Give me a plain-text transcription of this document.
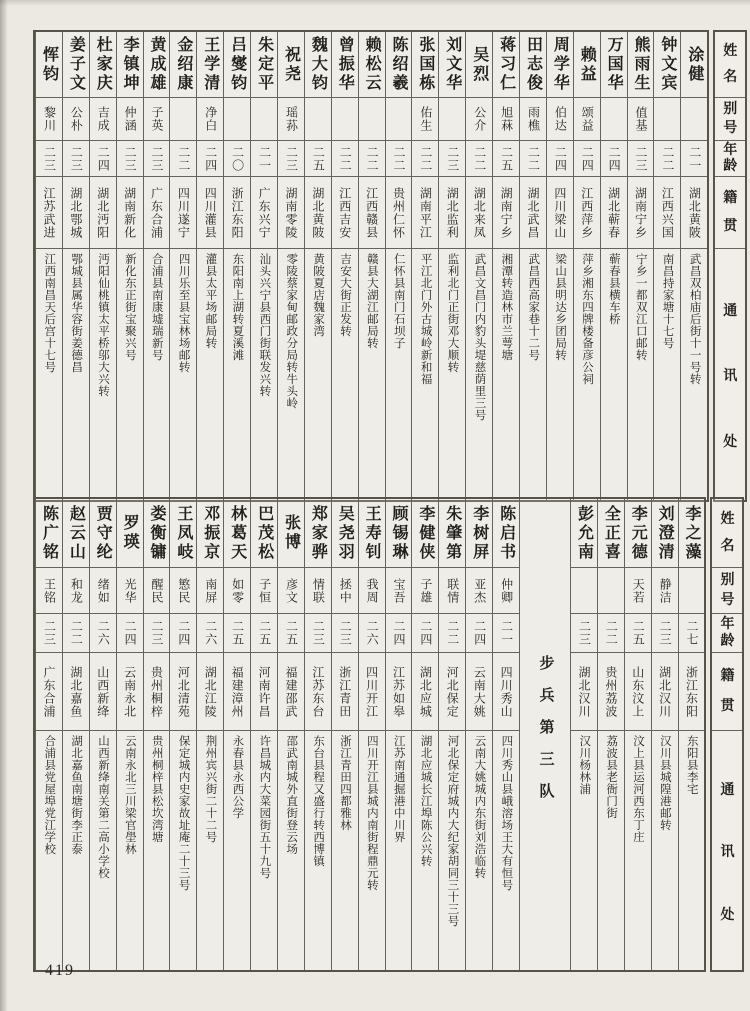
姓
名
别
号
年
龄
籍
贯
通
讯
处
涂健
二一
湖北黄陂
武昌双柏庙后街十一号转
钟文宾
二二
江西兴国
南昌持家塘十七号
熊雨生
值基
二三
湖南宁乡
宁乡一都双江口邮转
万国华
二四
湖北蕲春
蕲春县横车桥
赖益
颂益
二四
江西萍乡
萍乡湘东四牌楼备彦公祠
周学华
伯达
二四
四川梁山
梁山县明达乡团局转
田志俊
雨樵
二二
湖北武昌
武昌西高家巷十二号
蒋习仁
旭菻
二五
湖南宁乡
湘潭转造林市兰萼塘
吴烈
公介
二二
湖北来凤
武昌文昌门内豹头堤慈荫里三号
刘文华
二三
湖北监利
监利北门正街邓大顺转
张国栋
佑生
二二
湖南平江
平江北门外古城岭新和福
陈绍羲
二二
贵州仁怀
仁怀县南门石坝子
赖松云
二二
江西赣县
赣县大湖江邮局转
曾振华
二二
江西吉安
吉安大街正发转
魏大钧
二五
湖北黄陂
黄陂夏店魏家湾
祝尧
瑶荪
二三
湖南零陵
零陵蔡家甸邮政分局转牛头岭
朱定平
二一
广东兴宁
汕头兴宁县西门街联发兴转
吕燮钧
二〇
浙江东阳
东阳南上湖转夏溪滩
王学清
净白
二四
四川灌县
灌县太平场邮局转
金绍康
二二
四川遂宁
四川乐至县宝林场邮转
黄成雄
子英
二三
广东合浦
合浦县南康墟瑞新号
李镇坤
仲涵
二三
湖南新化
新化东正街宝聚兴号
杜家庆
吉成
二四
湖北沔阳
沔阳仙桃镇太平桥邬大兴转
姜子文
公朴
二三
湖北鄂城
鄂城县属华容街姜德昌
恽钧
黎川
二三
江苏武进
江西南昌天后宫十七号
姓
名
别
号
年
龄
籍
贯
通
讯
处
李之藻
二七
浙江东阳
东阳县李宅
刘澄清
静洁
二三
湖北汉川
汉川县城隍港邮转
李元德
天若
二五
山东汶上
汶上县运河西东丁庄
全正喜
二二
贵州荔波
荔波县老衙门街
彭允南
二三
湖北汉川
汉川杨林浦
步兵第三队
陈启书
仲卿
二一
四川秀山
四川秀山县峨溶场王大有恒号
李树屏
亚杰
二四
云南大姚
云南大姚城内东街刘浩临转
朱肇第
联情
二二
河北保定
河北保定府城内大纪家胡同三十三号
李健侠
子雄
二四
湖北应城
湖北应城长江埠陈公兴转
顾锡琳
宝吾
二四
江苏如皋
江苏南通掘港中川界
王寿钊
我周
二六
四川开江
四川开江县城内南街程鼎元转
吴尧羽
拯中
二三
浙江青田
浙江青田四都雅林
郑家骅
情联
二三
江苏东台
东台县程又盛行转西博镇
张博
彦文
二五
福建邵武
邵武南城外直街登云场
巴茂松
子恒
二五
河南许昌
许昌城内大菜园街五十九号
林葛天
如零
二五
福建漳州
永春县永西公学
邓振京
南屏
二六
湖北江陵
荆州宾兴街二十二号
王凤岐
慜民
二四
河北清苑
保定城内史家故址庵二十三号
娄衡镛
醒民
二三
贵州桐梓
贵州桐梓县松坎湾塘
罗瑛
光华
二四
云南永北
云南永北三川梁官壆林
贾守纶
绪如
二六
山西新绛
山西新绛南关第二高小学校
赵云山
和龙
二二
湖北嘉鱼
湖北嘉鱼南塘街李正泰
陈广铭
王铭
二三
广东合浦
合浦县党屋埠党江学校
419
